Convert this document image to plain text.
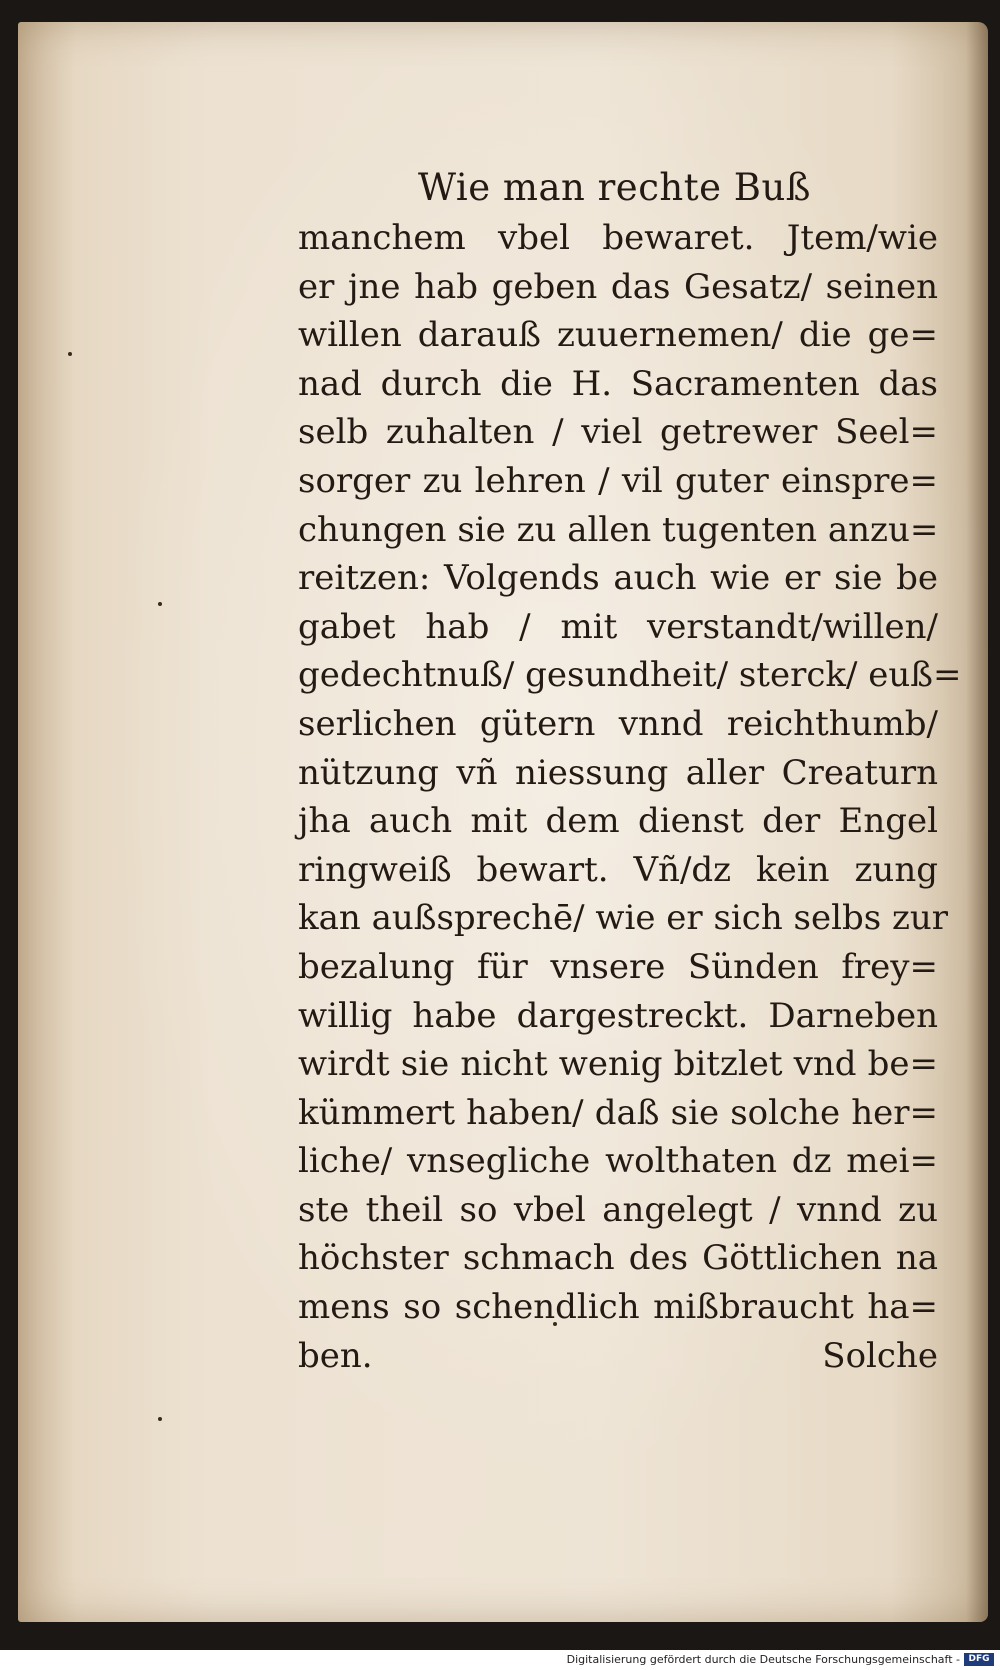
Wie man rechte Buß
manchem vbel bewaret. Jtem/wie
er jne hab geben das Gesatz/ seinen
willen darauß zuuernemen/ die ge=
nad durch die H. Sacramenten das
selb zuhalten / viel getrewer Seel=
sorger zu lehren / vil guter einspre=
chungen sie zu allen tugenten anzu=
reitzen: Volgends auch wie er sie be
gabet hab / mit verstandt/willen/
gedechtnuß/ gesundheit/ sterck/ euß=
serlichen gütern vnnd reichthumb/
nützung vñ niessung aller Creaturn
jha auch mit dem dienst der Engel
ringweiß bewart. Vñ/dz kein zung
kan außsprechē/ wie er sich selbs zur
bezalung für vnsere Sünden frey=
willig habe dargestreckt. Darneben
wirdt sie nicht wenig bitzlet vnd be=
kümmert haben/ daß sie solche her=
liche/ vnsegliche wolthaten dz mei=
ste theil so vbel angelegt / vnnd zu
höchster schmach des Göttlichen na
mens so schendlich mißbraucht ha=
ben.	Solche
Digitalisierung gefördert durch die Deutsche Forschungsgemeinschaft - DFG
